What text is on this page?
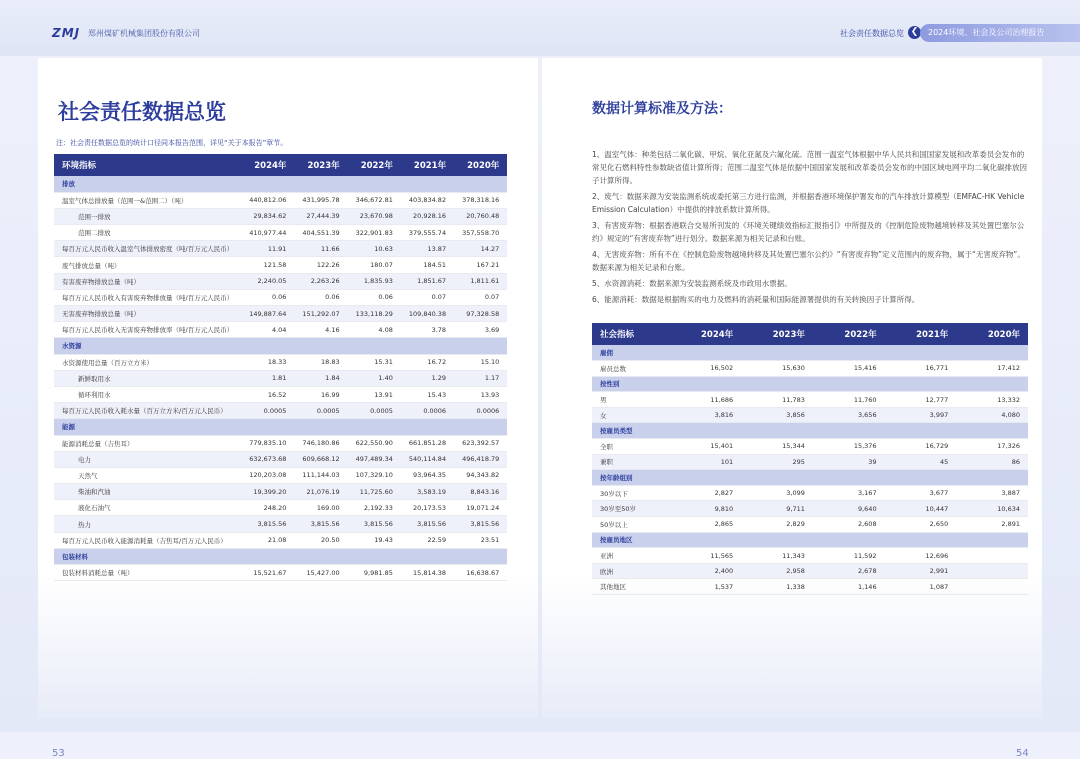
ZMJ 郑州煤矿机械集团股份有限公司	社会责任数据总览 ❮	2024环境、社会及公司治理报告
社会责任数据总览
注：社会责任数据总览的统计口径同本报告范围，详见“关于本报告”章节。
环境指标	2024年	2023年	2022年	2021年	2020年
排放					
温室气体总排放量（范围一&范围二）（吨）	440,812.06	431,995.78	346,672.81	403,834.82	378,318.16
范围一排放	29,834.62	27,444.39	23,670.98	20,928.16	20,760.48
范围二排放	410,977.44	404,551.39	322,901.83	379,555.74	357,558.70
每百万元人民币收入温室气体排放密度（吨/百万元人民币）	11.91	11.66	10.63	13.87	14.27
废气排放总量（吨）	121.58	122.26	180.07	184.51	167.21
有害废弃物排放总量（吨）	2,240.05	2,263.26	1,835.93	1,851.67	1,811.61
每百万元人民币收入有害废弃物排放量（吨/百万元人民币）	0.06	0.06	0.06	0.07	0.07
无害废弃物排放总量（吨）	149,887.64	151,292.07	133,118.29	109,840.38	97,328.58
每百万元人民币收入无害废弃物排放率（吨/百万元人民币）	4.04	4.16	4.08	3.78	3.69
水资源					
水资源使用总量（百万立方米）	18.33	18.83	15.31	16.72	15.10
新鲜取用水	1.81	1.84	1.40	1.29	1.17
循环利用水	16.52	16.99	13.91	15.43	13.93
每百万元人民币收入耗水量（百万立方米/百万元人民币）	0.0005	0.0005	0.0005	0.0006	0.0006
能源					
能源消耗总量（吉焦耳）	779,835.10	746,180.86	622,550.90	661,851.28	623,392.57
电力	632,673.68	609,668.12	497,489.34	540,114.84	496,418.79
天然气	120,203.08	111,144.03	107,329.10	93,964.35	94,343.82
柴油和汽油	19,399.20	21,076.19	11,725.60	3,583.19	8,843.16
液化石油气	248.20	169.00	2,192.33	20,173.53	19,071.24
热力	3,815.56	3,815.56	3,815.56	3,815.56	3,815.56
每百万元人民币收入能源消耗量（吉焦耳/百万元人民币）	21.08	20.50	19.43	22.59	23.51
包装材料					
包装材料消耗总量（吨）	15,521.67	15,427.00	9,981.85	15,814.38	16,638.67
53
数据计算标准及方法：

1、温室气体：种类包括二氧化碳、甲烷、氧化亚氮及六氟化硫。范围一温室气体根据中华人民共和国国家发展和改革委员会发布的常见化石燃料特性参数缺省值计算所得；范围二温室气体是依据中国国家发展和改革委员会发布的中国区域电网平均二氧化碳排放因子计算所得。

2、废气：数据来源为安装监测系统或委托第三方进行监测，并根据香港环境保护署发布的汽车排放计算模型（EMFAC-HK Vehicle Emission Calculation）中提供的排放系数计算所得。

3、有害废弃物：根据香港联合交易所刊发的《环境关键绩效指标汇报指引》中所提及的《控制危险废物越境转移及其处置巴塞尔公约》规定的“有害废弃物”进行划分。数据来源为相关记录和台账。

4、无害废弃物：所有不在《控制危险废物越境转移及其处置巴塞尔公约》“有害废弃物”定义范围内的废弃物，属于“无害废弃物”。数据来源为相关记录和台账。

5、水资源消耗：数据来源为安装监测系统及市政用水票据。

6、能源消耗：数据是根据购买的电力及燃料的消耗量和国际能源署提供的有关转换因子计算所得。

社会指标	2024年	2023年	2022年	2021年	2020年
雇佣					
雇员总数	16,502	15,630	15,416	16,771	17,412
按性别					
男	11,686	11,783	11,760	12,777	13,332
女	3,816	3,856	3,656	3,997	4,080
按雇员类型					
全职	15,401	15,344	15,376	16,729	17,326
兼职	101	295	39	45	86
按年龄组别					
30岁以下	2,827	3,099	3,167	3,677	3,887
30岁至50岁	9,810	9,711	9,640	10,447	10,634
50岁以上	2,865	2,829	2,608	2,650	2,891
按雇员地区					
亚洲	11,565	11,343	11,592	12,696	
欧洲	2,400	2,958	2,678	2,991	
其他地区	1,537	1,338	1,146	1,087	
54
